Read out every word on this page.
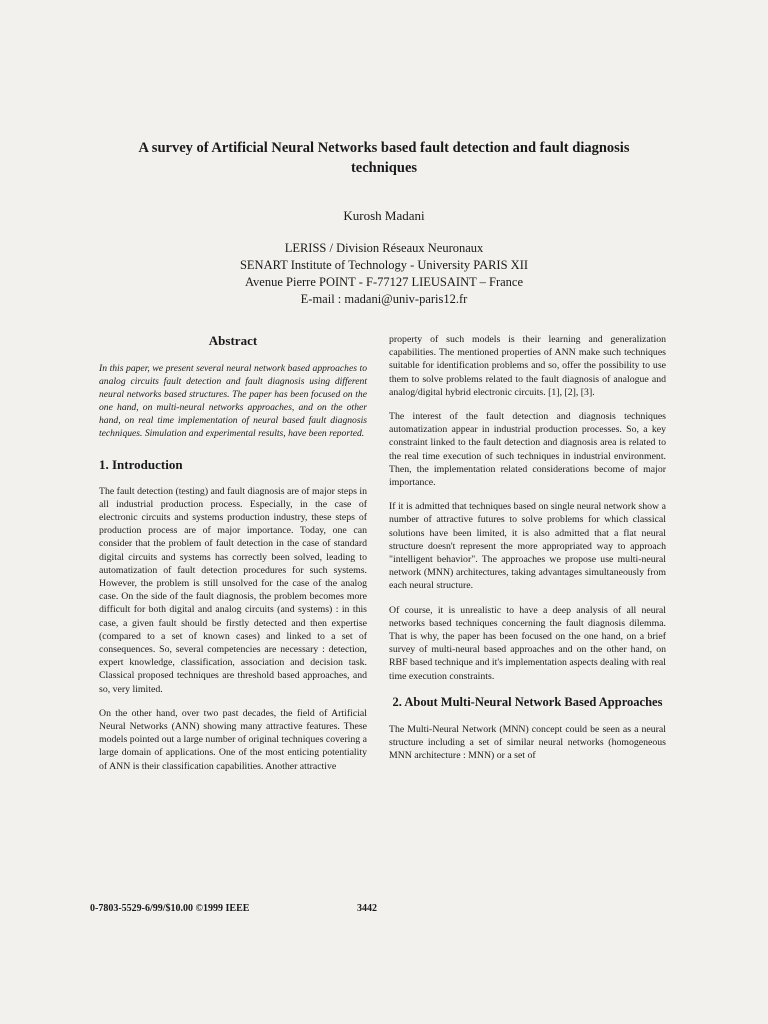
A survey of Artificial Neural Networks based fault detection and fault diagnosis techniques
Kurosh Madani
LERISS / Division Réseaux Neuronaux
SENART Institute of Technology - University PARIS XII
Avenue Pierre POINT - F-77127 LIEUSAINT – France
E-mail : madani@univ-paris12.fr
Abstract

In this paper, we present several neural network based approaches to analog circuits fault detection and fault diagnosis using different neural networks based structures. The paper has been focused on the one hand, on multi-neural networks approaches, and on the other hand, on real time implementation of neural based fault diagnosis techniques. Simulation and experimental results, have been reported.

1. Introduction

The fault detection (testing) and fault diagnosis are of major steps in all industrial production process. Especially, in the case of electronic circuits and systems production industry, these steps of production process are of major importance. Today, one can consider that the problem of fault detection in the case of standard digital circuits and systems has correctly been solved, leading to automatization of fault detection procedures for such systems. However, the problem is still unsolved for the case of the analog case. On the side of the fault diagnosis, the problem becomes more difficult for both digital and analog circuits (and systems) : in this case, a given fault should be firstly detected and then expertise (compared to a set of known cases) and linked to a set of consequences. So, several competencies are necessary : detection, expert knowledge, classification, association and decision task. Classical proposed techniques are threshold based approaches, and so, very limited.

On the other hand, over two past decades, the field of Artificial Neural Networks (ANN) showing many attractive features. These models pointed out a large number of original techniques covering a large domain of applications. One of the most enticing potentiality of ANN is their classification capabilities. Another attractive

property of such models is their learning and generalization capabilities. The mentioned properties of ANN make such techniques suitable for identification problems and so, offer the possibility to use them to solve problems related to the fault diagnosis of analogue and analog/digital hybrid electronic circuits. [1], [2], [3].

The interest of the fault detection and diagnosis techniques automatization appear in industrial production processes. So, a key constraint linked to the fault detection and diagnosis area is related to the real time execution of such techniques in industrial environment. Then, the implementation related considerations become of major importance.

If it is admitted that techniques based on single neural network show a number of attractive futures to solve problems for which classical solutions have been limited, it is also admitted that a flat neural structure doesn't represent the more appropriated way to approach "intelligent behavior". The approaches we propose use multi-neural network (MNN) architectures, taking advantages simultaneously from each neural structure.

Of course, it is unrealistic to have a deep analysis of all neural networks based techniques concerning the fault diagnosis dilemma. That is why, the paper has been focused on the one hand, on a brief survey of multi-neural based approaches and on the other hand, on RBF based technique and it's implementation aspects dealing with real time execution constraints.

2. About Multi-Neural Network Based Approaches

The Multi-Neural Network (MNN) concept could be seen as a neural structure including a set of similar neural networks (homogeneous MNN architecture : MNN) or a set of

0-7803-5529-6/99/$10.00 ©1999 IEEE	3442
